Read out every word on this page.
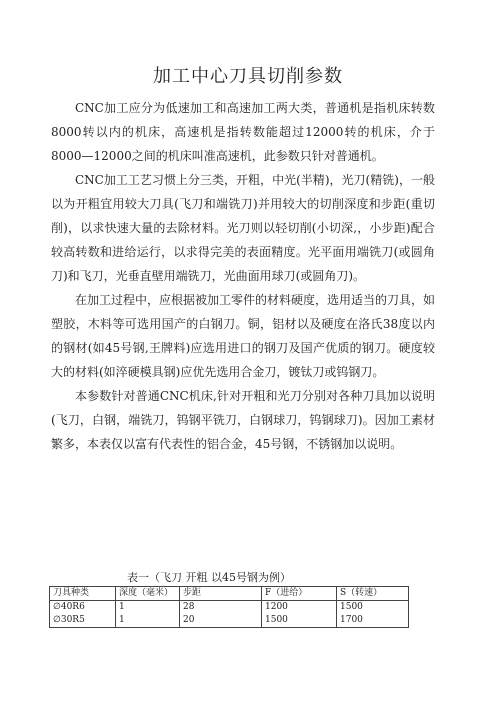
加工中心刀具切削参数

CNC加工应分为低速加工和高速加工两大类，普通机是指机床转数8000转以内的机床，高速机是指转数能超过12000转的机床，介于8000—12000之间的机床叫准高速机，此参数只针对普通机。

CNC加工工艺习惯上分三类，开粗，中光(半精)，光刀(精铣)，一般以为开粗宜用较大刀具(飞刀和端铣刀)并用较大的切削深度和步距(重切削)，以求快速大量的去除材料。光刀则以轻切削(小切深,，小步距)配合较高转数和进给运行，以求得完美的表面精度。光平面用端铣刀(或圆角刀)和飞刀，光垂直壁用端铣刀，光曲面用球刀(或圆角刀)。

在加工过程中，应根据被加工零件的材料硬度，选用适当的刀具，如塑胶，木料等可选用国产的白钢刀。铜，铝材以及硬度在洛氏38度以内的钢材(如45号钢,王牌料)应选用进口的钢刀及国产优质的钢刀。硬度较大的材料(如淬硬模具钢)应优先选用合金刀，镀钛刀或钨钢刀。

本参数针对普通CNC机床,针对开粗和光刀分别对各种刀具加以说明(飞刀，白钢，端铣刀，钨钢平铣刀，白钢球刀，钨钢球刀)。因加工素材繁多，本表仅以富有代表性的铝合金，45号钢，不锈钢加以说明。

表一（飞刀 开粗 以45号钢为例）
刀具种类	深度（毫米）	步距	F（进给）	S（转速）
∅40R6	1	28	1200	1500
∅30R5	1	20	1500	1700
